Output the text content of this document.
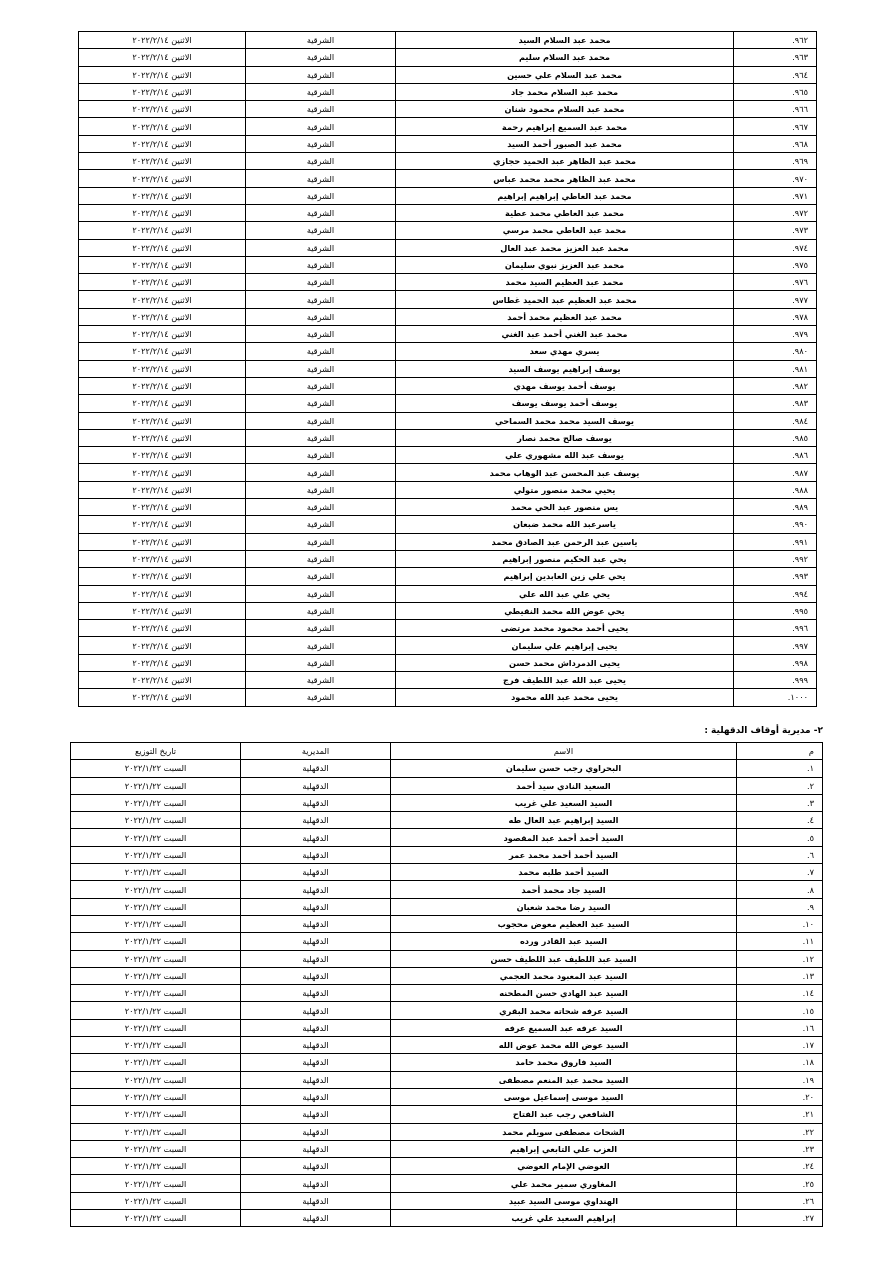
٩٦٢.	محمد عبد السلام السيد	الشرقية	الاثنين ٢٠٢٢/٢/١٤
٩٦٣.	محمد عبد السلام سليم	الشرقية	الاثنين ٢٠٢٢/٢/١٤
٩٦٤.	محمد عبد السلام علي حسين	الشرقية	الاثنين ٢٠٢٢/٢/١٤
٩٦٥.	محمد عبد السلام محمد جاد	الشرقية	الاثنين ٢٠٢٢/٢/١٤
٩٦٦.	محمد عبد السلام محمود شنان	الشرقية	الاثنين ٢٠٢٢/٢/١٤
٩٦٧.	محمد عبد السميع إبراهيم رحمة	الشرقية	الاثنين ٢٠٢٢/٢/١٤
٩٦٨.	محمد عبد الصبور أحمد السيد	الشرقية	الاثنين ٢٠٢٢/٢/١٤
٩٦٩.	محمد عبد الظاهر عبد الحميد حجازي	الشرقية	الاثنين ٢٠٢٢/٢/١٤
٩٧٠.	محمد عبد الظاهر محمد محمد عباس	الشرقية	الاثنين ٢٠٢٢/٢/١٤
٩٧١.	محمد عبد العاطي إبراهيم إبراهيم	الشرقية	الاثنين ٢٠٢٢/٢/١٤
٩٧٢.	محمد عبد العاطي محمد عطية	الشرقية	الاثنين ٢٠٢٢/٢/١٤
٩٧٣.	محمد عبد العاطي محمد مرسي	الشرقية	الاثنين ٢٠٢٢/٢/١٤
٩٧٤.	محمد عبد العزيز محمد عبد العال	الشرقية	الاثنين ٢٠٢٢/٢/١٤
٩٧٥.	محمد عبد العزيز نبوي سليمان	الشرقية	الاثنين ٢٠٢٢/٢/١٤
٩٧٦.	محمد عبد العظيم السيد محمد	الشرقية	الاثنين ٢٠٢٢/٢/١٤
٩٧٧.	محمد عبد العظيم عبد الحميد غطاس	الشرقية	الاثنين ٢٠٢٢/٢/١٤
٩٧٨.	محمد عبد العظيم محمد أحمد	الشرقية	الاثنين ٢٠٢٢/٢/١٤
٩٧٩.	محمد عبد الغني أحمد عبد الغني	الشرقية	الاثنين ٢٠٢٢/٢/١٤
٩٨٠.	يسري مهدي سعد	الشرقية	الاثنين ٢٠٢٢/٢/١٤
٩٨١.	يوسف إبراهيم يوسف السيد	الشرقية	الاثنين ٢٠٢٢/٢/١٤
٩٨٢.	يوسف أحمد يوسف مهدي	الشرقية	الاثنين ٢٠٢٢/٢/١٤
٩٨٣.	يوسف أحمد يوسف يوسف	الشرقية	الاثنين ٢٠٢٢/٢/١٤
٩٨٤.	يوسف السيد محمد محمد السماحي	الشرقية	الاثنين ٢٠٢٢/٢/١٤
٩٨٥.	يوسف صالح محمد نصار	الشرقية	الاثنين ٢٠٢٢/٢/١٤
٩٨٦.	يوسف عبد الله مشهوري علي	الشرقية	الاثنين ٢٠٢٢/٢/١٤
٩٨٧.	يوسف عبد المحسن عبد الوهاب محمد	الشرقية	الاثنين ٢٠٢٢/٢/١٤
٩٨٨.	يحيي محمد منصور متولي	الشرقية	الاثنين ٢٠٢٢/٢/١٤
٩٨٩.	يس منصور عبد الحي محمد	الشرقية	الاثنين ٢٠٢٢/٢/١٤
٩٩٠.	ياسرعبد الله محمد ضبعان	الشرقية	الاثنين ٢٠٢٢/٢/١٤
٩٩١.	ياسين عبد الرحمن عبد الصادق محمد	الشرقية	الاثنين ٢٠٢٢/٢/١٤
٩٩٢.	يحي عبد الحكيم منصور إبراهيم	الشرقية	الاثنين ٢٠٢٢/٢/١٤
٩٩٣.	يحي علي زين العابدين إبراهيم	الشرقية	الاثنين ٢٠٢٢/٢/١٤
٩٩٤.	يحي علي عبد الله علي	الشرقية	الاثنين ٢٠٢٢/٢/١٤
٩٩٥.	يحي عوض الله محمد النقيطي	الشرقية	الاثنين ٢٠٢٢/٢/١٤
٩٩٦.	يحيى أحمد محمود محمد مرتضى	الشرقية	الاثنين ٢٠٢٢/٢/١٤
٩٩٧.	يحيى إبراهيم علي سليمان	الشرقية	الاثنين ٢٠٢٢/٢/١٤
٩٩٨.	يحيى الدمرداش محمد حسن	الشرقية	الاثنين ٢٠٢٢/٢/١٤
٩٩٩.	يحيى عبد الله عبد اللطيف فرج	الشرقية	الاثنين ٢٠٢٢/٢/١٤
١٠٠٠.	يحيى محمد عبد الله محمود	الشرقية	الاثنين ٢٠٢٢/٢/١٤
٢- مديرية أوقاف الدقهلية :
م	الاسم	المديرية	تاريخ التوزيع
١.	البحراوي رجب حسن سليمان	الدقهلية	السبت ٢٠٢٢/١/٢٢
٢.	السعيد النادي سيد أحمد	الدقهلية	السبت ٢٠٢٢/١/٢٢
٣.	السيد السعيد علي غريب	الدقهلية	السبت ٢٠٢٢/١/٢٢
٤.	السيد إبراهيم عبد العال طه	الدقهلية	السبت ٢٠٢٢/١/٢٢
٥.	السيد أحمد أحمد عبد المقصود	الدقهلية	السبت ٢٠٢٢/١/٢٢
٦.	السيد أحمد أحمد محمد عمر	الدقهلية	السبت ٢٠٢٢/١/٢٢
٧.	السيد أحمد طلبه محمد	الدقهلية	السبت ٢٠٢٢/١/٢٢
٨.	السيد جاد محمد أحمد	الدقهلية	السبت ٢٠٢٢/١/٢٢
٩.	السيد رضا محمد شعبان	الدقهلية	السبت ٢٠٢٢/١/٢٢
١٠.	السيد عبد العظيم معوض محجوب	الدقهلية	السبت ٢٠٢٢/١/٢٢
١١.	السيد عبد القادر ورده	الدقهلية	السبت ٢٠٢٢/١/٢٢
١٢.	السيد عبد اللطيف عبد اللطيف حسن	الدقهلية	السبت ٢٠٢٢/١/٢٢
١٣.	السيد عبد المعبود محمد العجمي	الدقهلية	السبت ٢٠٢٢/١/٢٢
١٤.	السيد عبد الهادي حسن المطحنه	الدقهلية	السبت ٢٠٢٢/١/٢٢
١٥.	السيد عرفه شحاته محمد البقري	الدقهلية	السبت ٢٠٢٢/١/٢٢
١٦.	السيد عرفه عبد السميع عرفه	الدقهلية	السبت ٢٠٢٢/١/٢٢
١٧.	السيد عوض الله محمد عوض الله	الدقهلية	السبت ٢٠٢٢/١/٢٢
١٨.	السيد فاروق محمد حامد	الدقهلية	السبت ٢٠٢٢/١/٢٢
١٩.	السيد محمد عبد المنعم مصطفى	الدقهلية	السبت ٢٠٢٢/١/٢٢
٢٠.	السيد موسى إسماعيل موسى	الدقهلية	السبت ٢٠٢٢/١/٢٢
٢١.	الشافعي رجب عبد الفتاح	الدقهلية	السبت ٢٠٢٢/١/٢٢
٢٢.	الشحات مصطفى سويلم محمد	الدقهلية	السبت ٢٠٢٢/١/٢٢
٢٣.	العزب علي التابعي إبراهيم	الدقهلية	السبت ٢٠٢٢/١/٢٢
٢٤.	العوضي الإمام العوضي	الدقهلية	السبت ٢٠٢٢/١/٢٢
٢٥.	المغاوري سمير محمد علي	الدقهلية	السبت ٢٠٢٢/١/٢٢
٢٦.	الهنداوي موسى السيد عبيد	الدقهلية	السبت ٢٠٢٢/١/٢٢
٢٧.	إبراهيم السعيد علي غريب	الدقهلية	السبت ٢٠٢٢/١/٢٢
